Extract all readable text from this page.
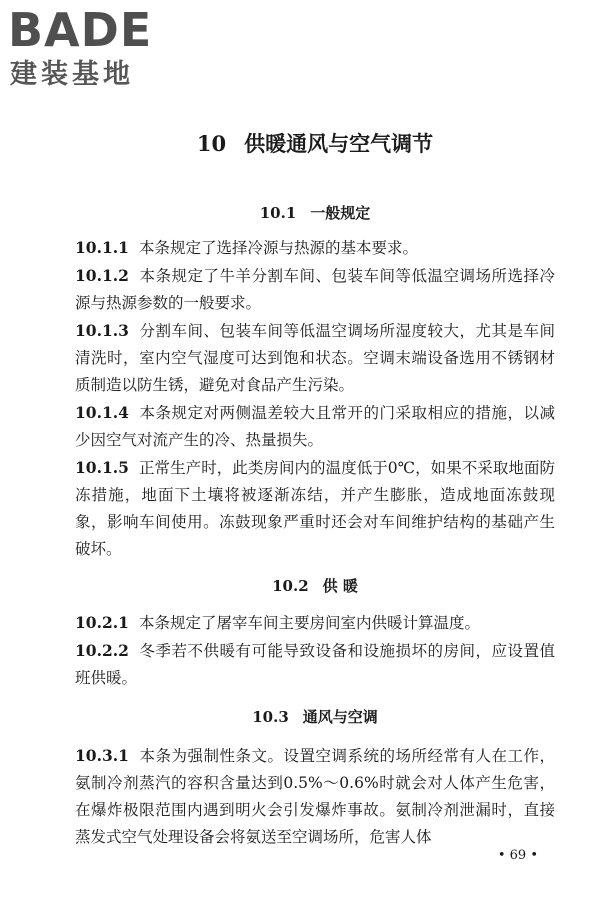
BADE
建装基地
10 供暖通风与空气调节
10.1 一般规定

10.1.1 本条规定了选择冷源与热源的基本要求。

10.1.2 本条规定了牛羊分割车间、包装车间等低温空调场所选择冷源与热源参数的一般要求。

10.1.3 分割车间、包装车间等低温空调场所湿度较大，尤其是车间清洗时，室内空气湿度可达到饱和状态。空调末端设备选用不锈钢材质制造以防生锈，避免对食品产生污染。

10.1.4 本条规定对两侧温差较大且常开的门采取相应的措施，以减少因空气对流产生的冷、热量损失。

10.1.5 正常生产时，此类房间内的温度低于0℃，如果不采取地面防冻措施，地面下土壤将被逐渐冻结，并产生膨胀，造成地面冻鼓现象，影响车间使用。冻鼓现象严重时还会对车间维护结构的基础产生破坏。

10.2 供 暖

10.2.1 本条规定了屠宰车间主要房间室内供暖计算温度。

10.2.2 冬季若不供暖有可能导致设备和设施损坏的房间，应设置值班供暖。

10.3 通风与空调

10.3.1 本条为强制性条文。设置空调系统的场所经常有人在工作，氨制冷剂蒸汽的容积含量达到0.5%～0.6%时就会对人体产生危害，在爆炸极限范围内遇到明火会引发爆炸事故。氨制冷剂泄漏时，直接蒸发式空气处理设备会将氨送至空调场所，危害人体

• 69 •
